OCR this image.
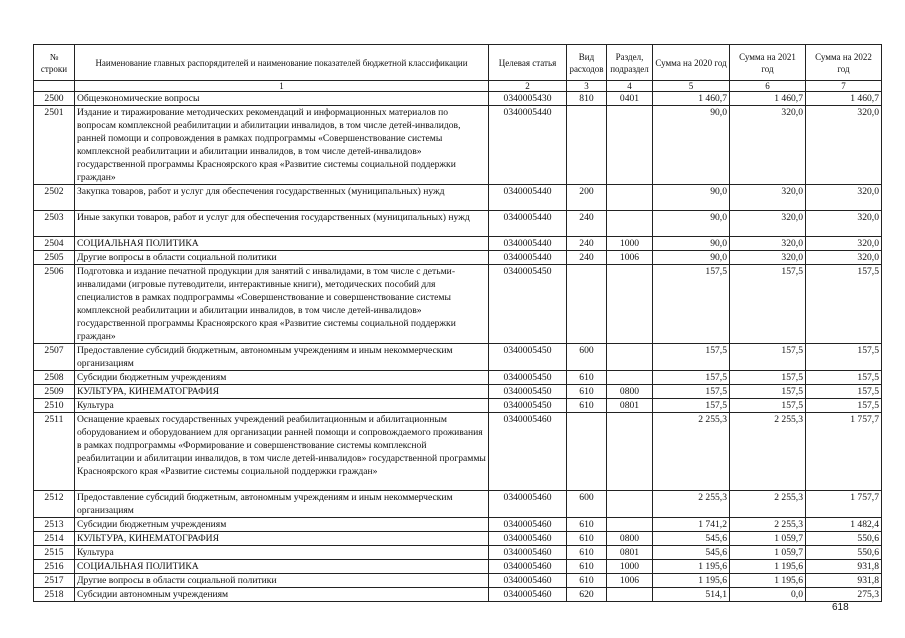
№ строки	Наименование главных распорядителей и наименование показателей бюджетной классификации	Целевая статья	Вид расходов	Раздел, подраздел	Сумма на 2020 год	Сумма на 2021 год	Сумма на 2022 год
	1	2	3	4	5	6	7
2500	Общеэкономические вопросы	0340005430	810	0401	1 460,7	1 460,7	1 460,7
2501	Издание и тиражирование методических рекомендаций и информационных материалов по вопросам комплексной реабилитации и абилитации инвалидов, в том числе детей-инвалидов, ранней помощи и сопровождения в рамках подпрограммы «Совершенствование системы комплексной реабилитации и абилитации инвалидов, в том числе детей-инвалидов» государственной программы Красноярского края «Развитие системы социальной поддержки граждан»	0340005440			90,0	320,0	320,0
2502	Закупка товаров, работ и услуг для обеспечения государственных (муниципальных) нужд	0340005440	200		90,0	320,0	320,0
2503	Иные закупки товаров, работ и услуг для обеспечения государственных (муниципальных) нужд	0340005440	240		90,0	320,0	320,0
2504	СОЦИАЛЬНАЯ ПОЛИТИКА	0340005440	240	1000	90,0	320,0	320,0
2505	Другие вопросы в области социальной политики	0340005440	240	1006	90,0	320,0	320,0
2506	Подготовка и издание печатной продукции для занятий с инвалидами, в том числе с детьми-инвалидами (игровые путеводители, интерактивные книги), методических пособий для специалистов в рамках подпрограммы «Совершенствование и совершенствование системы комплексной реабилитации и абилитации инвалидов, в том числе детей-инвалидов» государственной программы Красноярского края «Развитие системы социальной поддержки граждан»	0340005450			157,5	157,5	157,5
2507	Предоставление субсидий бюджетным, автономным учреждениям и иным некоммерческим организациям	0340005450	600		157,5	157,5	157,5
2508	Субсидии бюджетным учреждениям	0340005450	610		157,5	157,5	157,5
2509	КУЛЬТУРА, КИНЕМАТОГРАФИЯ	0340005450	610	0800	157,5	157,5	157,5
2510	Культура	0340005450	610	0801	157,5	157,5	157,5
2511	Оснащение краевых государственных учреждений реабилитационным и абилитационным оборудованием и оборудованием для организации ранней помощи и сопровождаемого проживания в рамках подпрограммы «Формирование и совершенствование системы комплексной реабилитации и абилитации инвалидов, в том числе детей-инвалидов» государственной программы Красноярского края «Развитие системы социальной поддержки граждан»	0340005460			2 255,3	2 255,3	1 757,7
2512	Предоставление субсидий бюджетным, автономным учреждениям и иным некоммерческим организациям	0340005460	600		2 255,3	2 255,3	1 757,7
2513	Субсидии бюджетным учреждениям	0340005460	610		1 741,2	2 255,3	1 482,4
2514	КУЛЬТУРА, КИНЕМАТОГРАФИЯ	0340005460	610	0800	545,6	1 059,7	550,6
2515	Культура	0340005460	610	0801	545,6	1 059,7	550,6
2516	СОЦИАЛЬНАЯ ПОЛИТИКА	0340005460	610	1000	1 195,6	1 195,6	931,8
2517	Другие вопросы в области социальной политики	0340005460	610	1006	1 195,6	1 195,6	931,8
2518	Субсидии автономным учреждениям	0340005460	620		514,1	0,0	275,3
618
